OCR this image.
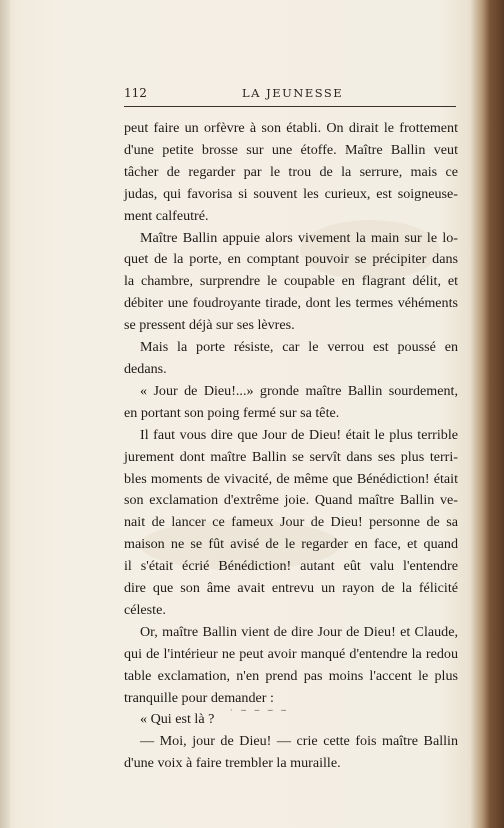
112	LA JEUNESSE
peut faire un orfèvre à son établi. On dirait le frottement
d'une petite brosse sur une étoffe. Maître Ballin veut
tâcher de regarder par le trou de la serrure, mais ce
judas, qui favorisa si souvent les curieux, est soigneuse-
ment calfeutré.
Maître Ballin appuie alors vivement la main sur le lo-
quet de la porte, en comptant pouvoir se précipiter dans
la chambre, surprendre le coupable en flagrant délit, et
débiter une foudroyante tirade, dont les termes véhéments
se pressent déjà sur ses lèvres.
Mais la porte résiste, car le verrou est poussé en
dedans.
« Jour de Dieu!...» gronde maître Ballin sourdement,
en portant son poing fermé sur sa tête.
Il faut vous dire que Jour de Dieu! était le plus terrible
jurement dont maître Ballin se servît dans ses plus terri-
bles moments de vivacité, de même que Bénédiction! était
son exclamation d'extrême joie. Quand maître Ballin ve-
nait de lancer ce fameux Jour de Dieu! personne de sa
maison ne se fût avisé de le regarder en face, et quand
il s'était écrié Bénédiction! autant eût valu l'entendre
dire que son âme avait entrevu un rayon de la félicité
céleste.
Or, maître Ballin vient de dire Jour de Dieu! et Claude,
qui de l'intérieur ne peut avoir manqué d'entendre la redou
table exclamation, n'en prend pas moins l'accent le plus
tranquille pour demander :
« Qui est là ?
— Moi, jour de Dieu! — crie cette fois maître Ballin
d'une voix à faire trembler la muraille.
· ─ ─ ─ ─
